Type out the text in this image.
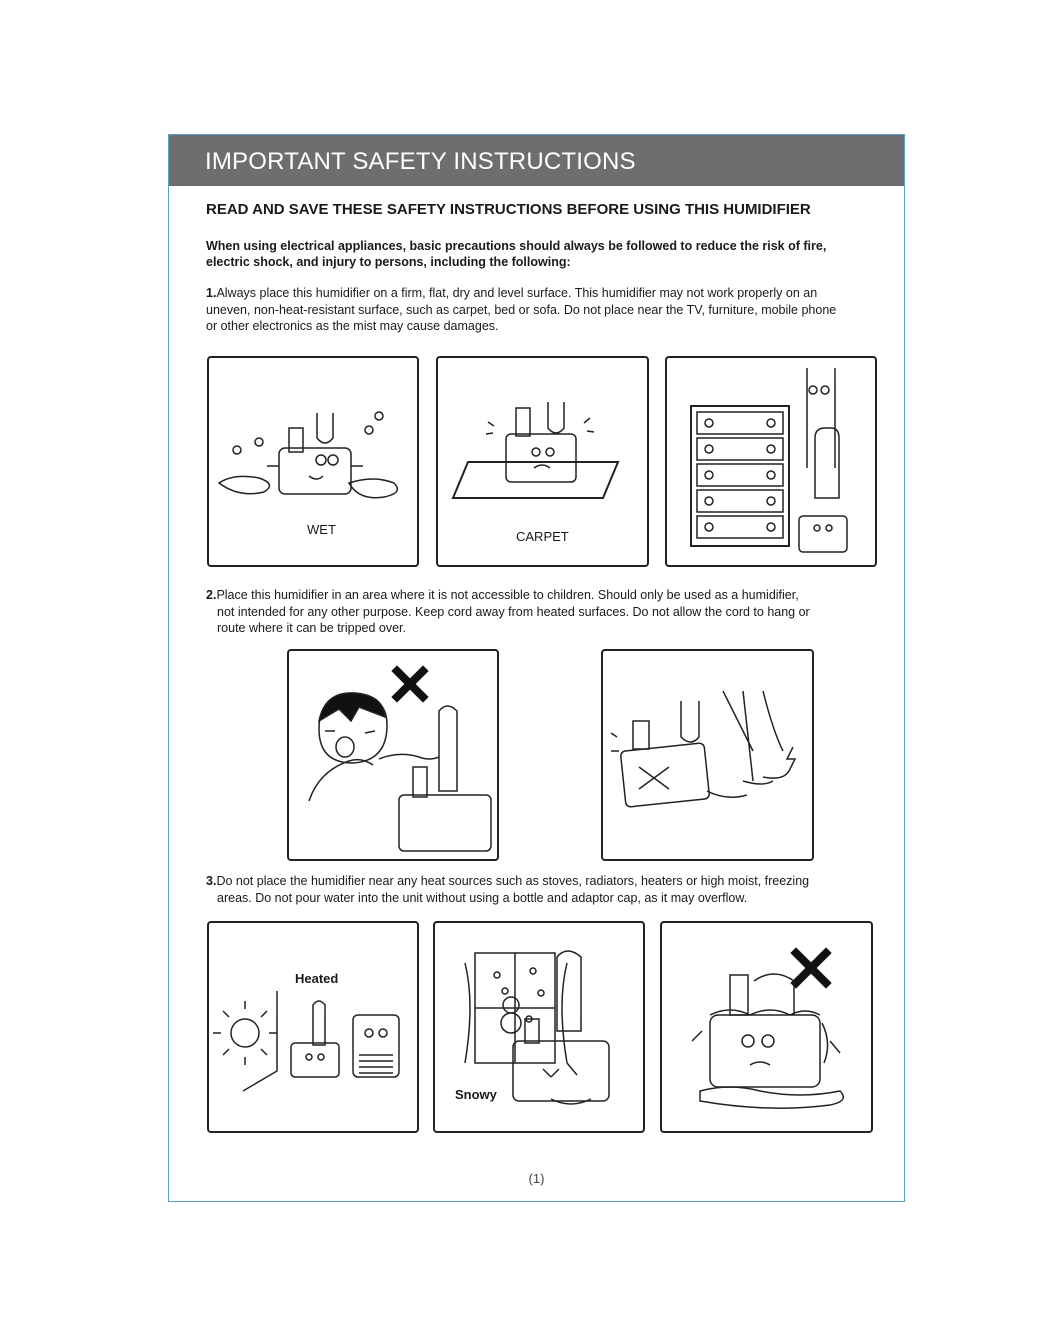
IMPORTANT SAFETY INSTRUCTIONS
READ AND SAVE THESE SAFETY INSTRUCTIONS BEFORE USING THIS HUMIDIFIER
When using electrical appliances, basic precautions should always be followed to reduce the risk of fire,
electric shock, and injury to persons, including the following:
1.Always place this humidifier on a firm, flat, dry and level surface. This humidifier may not work properly on an
uneven, non-heat-resistant surface, such as carpet, bed or sofa. Do not place near the TV, furniture, mobile phone
or other electronics as the mist may cause damages.
WET	CARPET
2.Place this humidifier in an area where it is not accessible to children. Should only be used as a humidifier,
not intended for any other purpose. Keep cord away from heated surfaces. Do not allow the cord to hang or
route where it can be tripped over.
3.Do not place the humidifier near any heat sources such as stoves, radiators, heaters or high moist, freezing
areas. Do not pour water into the unit without using a bottle and adaptor cap, as it may overflow.
Heated
Snowy
(1)
